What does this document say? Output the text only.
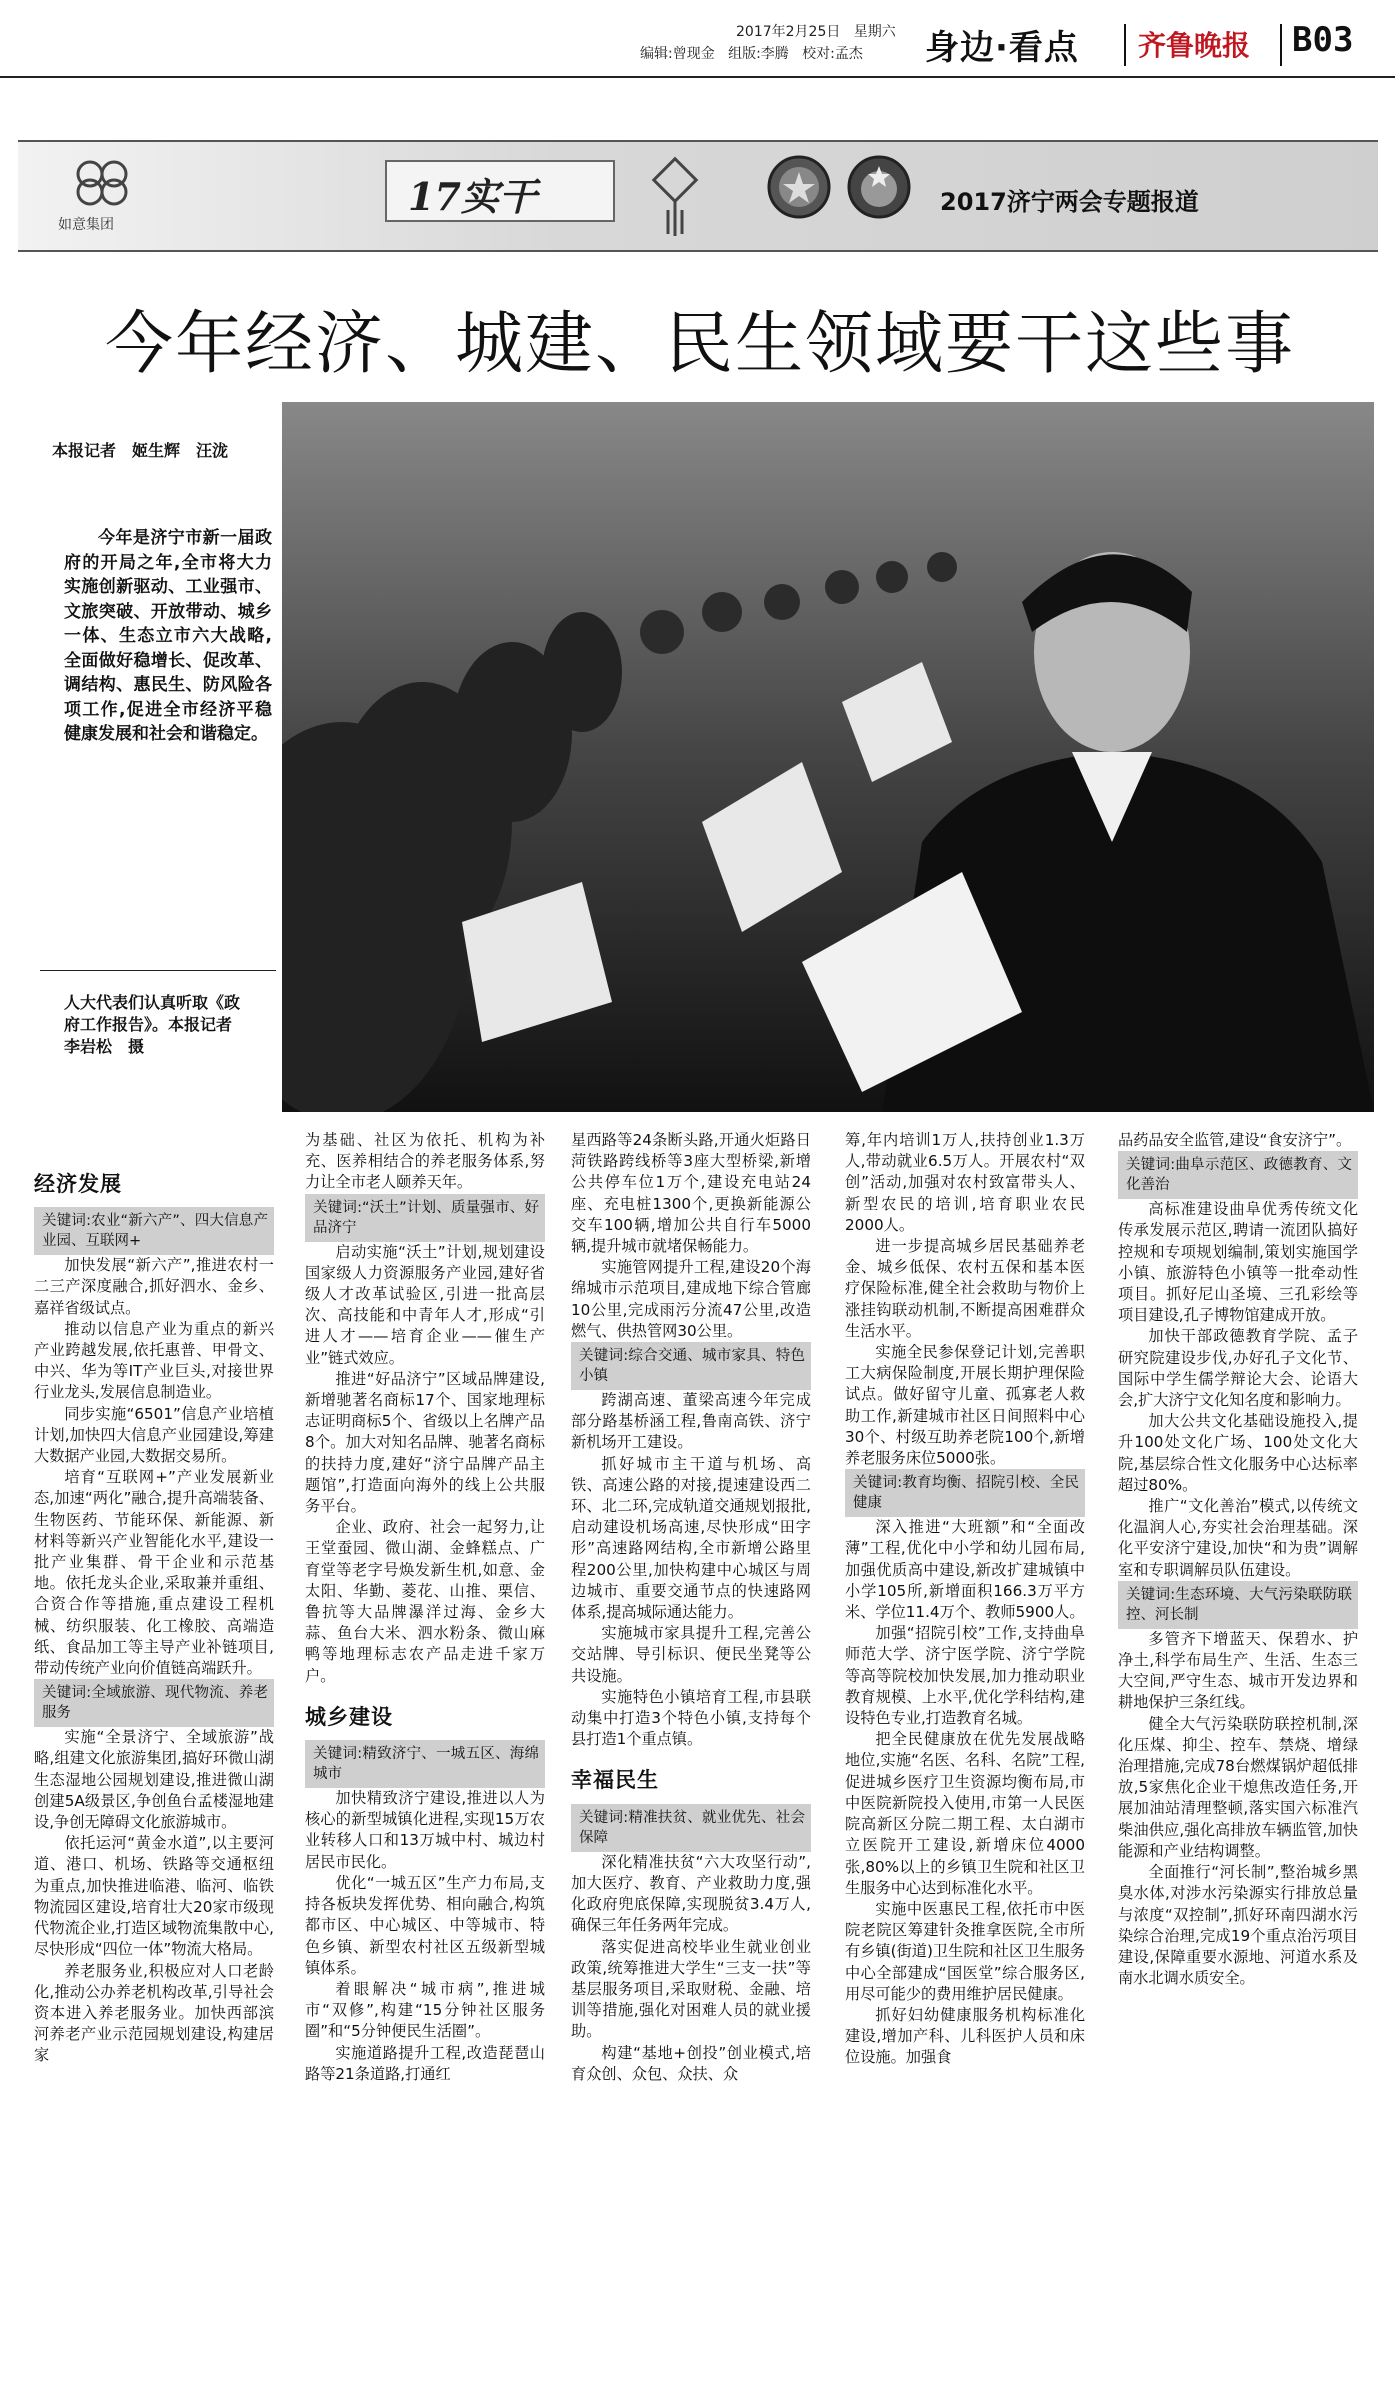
2017年2月25日 星期六
编辑:曾现金 组版:李腾 校对:孟杰 身边·看点 齐鲁晚报 B03
如意集团
17实干	2017济宁两会专题报道
今年经济、城建、民生领域要干这些事
本报记者　姬生辉　汪泷
今年是济宁市新一届政府的开局之年,全市将大力实施创新驱动、工业强市、文旅突破、开放带动、城乡一体、生态立市六大战略,全面做好稳增长、促改革、调结构、惠民生、防风险各项工作,促进全市经济平稳健康发展和社会和谐稳定。
人大代表们认真听取《政府工作报告》。本报记者　李岩松　摄
经济发展

关键词:农业“新六产”、四大信息产业园、互联网+

加快发展“新六产”,推进农村一二三产深度融合,抓好泗水、金乡、嘉祥省级试点。

推动以信息产业为重点的新兴产业跨越发展,依托惠普、甲骨文、中兴、华为等IT产业巨头,对接世界行业龙头,发展信息制造业。

同步实施“6501”信息产业培植计划,加快四大信息产业园建设,筹建大数据产业园,大数据交易所。

培育“互联网+”产业发展新业态,加速“两化”融合,提升高端装备、生物医药、节能环保、新能源、新材料等新兴产业智能化水平,建设一批产业集群、骨干企业和示范基地。依托龙头企业,采取兼并重组、合资合作等措施,重点建设工程机械、纺织服装、化工橡胶、高端造纸、食品加工等主导产业补链项目,带动传统产业向价值链高端跃升。

关键词:全域旅游、现代物流、养老服务

实施“全景济宁、全域旅游”战略,组建文化旅游集团,搞好环微山湖生态湿地公园规划建设,推进微山湖创建5A级景区,争创鱼台孟楼湿地建设,争创无障碍文化旅游城市。

依托运河“黄金水道”,以主要河道、港口、机场、铁路等交通枢纽为重点,加快推进临港、临河、临铁物流园区建设,培育壮大20家市级现代物流企业,打造区域物流集散中心,尽快形成“四位一体”物流大格局。

养老服务业,积极应对人口老龄化,推动公办养老机构改革,引导社会资本进入养老服务业。加快西部滨河养老产业示范园规划建设,构建居家

为基础、社区为依托、机构为补充、医养相结合的养老服务体系,努力让全市老人颐养天年。

关键词:“沃土”计划、质量强市、好品济宁

启动实施“沃土”计划,规划建设国家级人力资源服务产业园,建好省级人才改革试验区,引进一批高层次、高技能和中青年人才,形成“引进人才——培育企业——催生产业”链式效应。

推进“好品济宁”区域品牌建设,新增驰著名商标17个、国家地理标志证明商标5个、省级以上名牌产品8个。加大对知名品牌、驰著名商标的扶持力度,建好“济宁品牌产品主题馆”,打造面向海外的线上公共服务平台。

企业、政府、社会一起努力,让王堂蚕园、微山湖、金蜂糕点、广育堂等老字号焕发新生机,如意、金太阳、华勤、菱花、山推、栗信、鲁抗等大品牌瀑洋过海、金乡大蒜、鱼台大米、泗水粉条、微山麻鸭等地理标志农产品走进千家万户。

城乡建设

关键词:精致济宁、一城五区、海绵城市

加快精致济宁建设,推进以人为核心的新型城镇化进程,实现15万农业转移人口和13万城中村、城边村居民市民化。

优化“一城五区”生产力布局,支持各板块发挥优势、相向融合,构筑都市区、中心城区、中等城市、特色乡镇、新型农村社区五级新型城镇体系。

着眼解决“城市病”,推进城市“双修”,构建“15分钟社区服务圈”和“5分钟便民生活圈”。

实施道路提升工程,改造琵琶山路等21条道路,打通红

星西路等24条断头路,开通火炬路日菏铁路跨线桥等3座大型桥梁,新增公共停车位1万个,建设充电站24座、充电桩1300个,更换新能源公交车100辆,增加公共自行车5000辆,提升城市就堵保畅能力。

实施管网提升工程,建设20个海绵城市示范项目,建成地下综合管廊10公里,完成雨污分流47公里,改造燃气、供热管网30公里。

关键词:综合交通、城市家具、特色小镇

跨湖高速、董梁高速今年完成部分路基桥涵工程,鲁南高铁、济宁新机场开工建设。

抓好城市主干道与机场、高铁、高速公路的对接,提速建设西二环、北二环,完成轨道交通规划报批,启动建设机场高速,尽快形成“田字形”高速路网结构,全市新增公路里程200公里,加快构建中心城区与周边城市、重要交通节点的快速路网体系,提高城际通达能力。

实施城市家具提升工程,完善公交站牌、导引标识、便民坐凳等公共设施。

实施特色小镇培育工程,市县联动集中打造3个特色小镇,支持每个县打造1个重点镇。

幸福民生

关键词:精准扶贫、就业优先、社会保障

深化精准扶贫“六大攻坚行动”,加大医疗、教育、产业救助力度,强化政府兜底保障,实现脱贫3.4万人,确保三年任务两年完成。

落实促进高校毕业生就业创业政策,统筹推进大学生“三支一扶”等基层服务项目,采取财税、金融、培训等措施,强化对困难人员的就业援助。

构建“基地+创投”创业模式,培育众创、众包、众扶、众

筹,年内培训1万人,扶持创业1.3万人,带动就业6.5万人。开展农村“双创”活动,加强对农村致富带头人、新型农民的培训,培育职业农民2000人。

进一步提高城乡居民基础养老金、城乡低保、农村五保和基本医疗保险标准,健全社会救助与物价上涨挂钩联动机制,不断提高困难群众生活水平。

实施全民参保登记计划,完善职工大病保险制度,开展长期护理保险试点。做好留守儿童、孤寡老人救助工作,新建城市社区日间照料中心30个、村级互助养老院100个,新增养老服务床位5000张。

关键词:教育均衡、招院引校、全民健康

深入推进“大班额”和“全面改薄”工程,优化中小学和幼儿园布局,加强优质高中建设,新改扩建城镇中小学105所,新增面积166.3万平方米、学位11.4万个、教师5900人。

加强“招院引校”工作,支持曲阜师范大学、济宁医学院、济宁学院等高等院校加快发展,加力推动职业教育规模、上水平,优化学科结构,建设特色专业,打造教育名城。

把全民健康放在优先发展战略地位,实施“名医、名科、名院”工程,促进城乡医疗卫生资源均衡布局,市中医院新院投入使用,市第一人民医院高新区分院二期工程、太白湖市立医院开工建设,新增床位4000张,80%以上的乡镇卫生院和社区卫生服务中心达到标准化水平。

实施中医惠民工程,依托市中医院老院区筹建针灸推拿医院,全市所有乡镇(街道)卫生院和社区卫生服务中心全部建成“国医堂”综合服务区,用尽可能少的费用维护居民健康。

抓好妇幼健康服务机构标准化建设,增加产科、儿科医护人员和床位设施。加强食

品药品安全监管,建设“食安济宁”。

关键词:曲阜示范区、政德教育、文化善治

高标准建设曲阜优秀传统文化传承发展示范区,聘请一流团队搞好控规和专项规划编制,策划实施国学小镇、旅游特色小镇等一批牵动性项目。抓好尼山圣境、三孔彩绘等项目建设,孔子博物馆建成开放。

加快干部政德教育学院、孟子研究院建设步伐,办好孔子文化节、国际中学生儒学辩论大会、论语大会,扩大济宁文化知名度和影响力。

加大公共文化基础设施投入,提升100处文化广场、100处文化大院,基层综合性文化服务中心达标率超过80%。

推广“文化善治”模式,以传统文化温润人心,夯实社会治理基础。深化平安济宁建设,加快“和为贵”调解室和专职调解员队伍建设。

关键词:生态环境、大气污染联防联控、河长制

多管齐下增蓝天、保碧水、护净土,科学布局生产、生活、生态三大空间,严守生态、城市开发边界和耕地保护三条红线。

健全大气污染联防联控机制,深化压煤、抑尘、控车、禁烧、增绿治理措施,完成78台燃煤锅炉超低排放,5家焦化企业干熄焦改造任务,开展加油站清理整顿,落实国六标准汽柴油供应,强化高排放车辆监管,加快能源和产业结构调整。

全面推行“河长制”,整治城乡黑臭水体,对涉水污染源实行排放总量与浓度“双控制”,抓好环南四湖水污染综合治理,完成19个重点治污项目建设,保障重要水源地、河道水系及南水北调水质安全。
